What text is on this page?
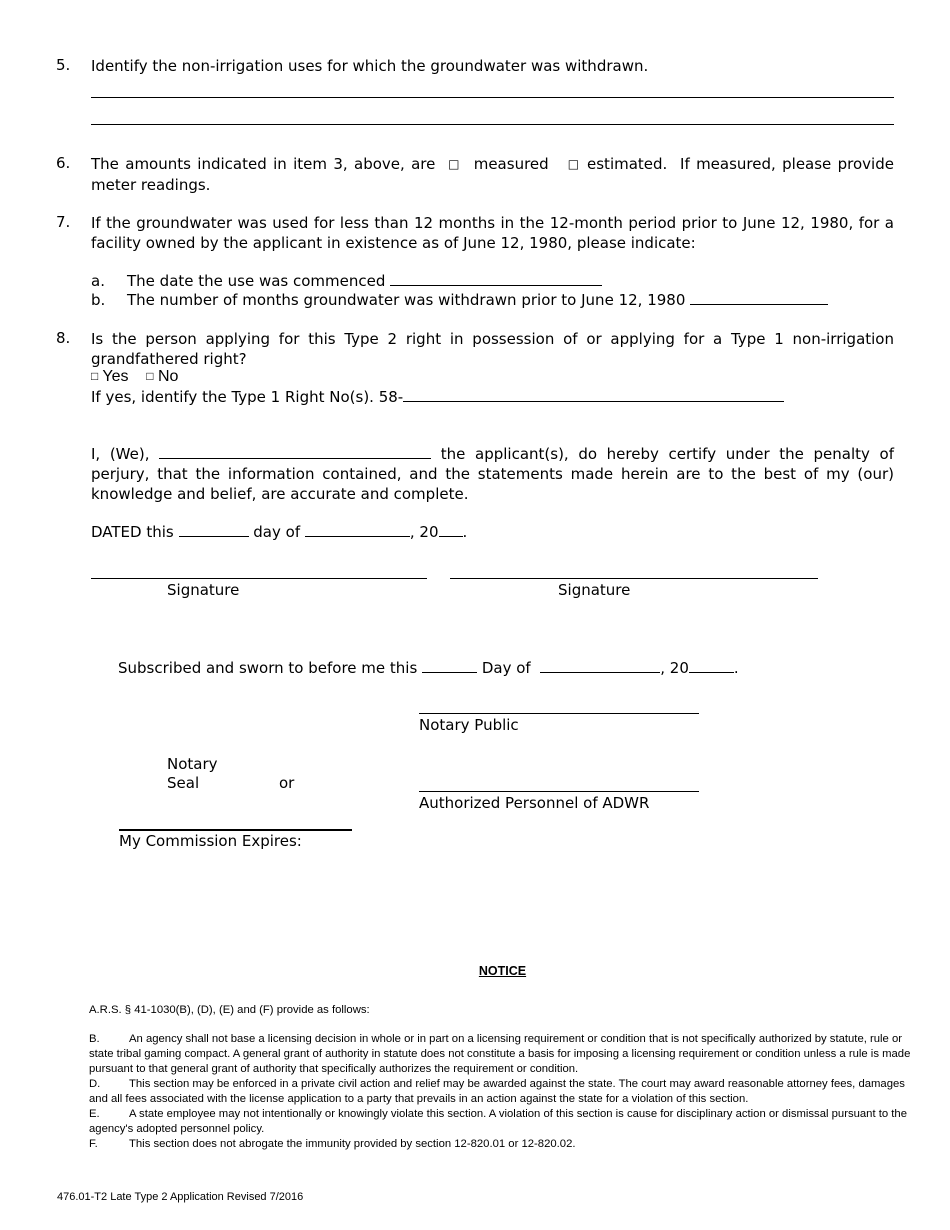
5. Identify the non-irrigation uses for which the groundwater was withdrawn.
6. The amounts indicated in item 3, above, are □ measured □ estimated. If measured, please provide meter readings.
7. If the groundwater was used for less than 12 months in the 12-month period prior to June 12, 1980, for a facility owned by the applicant in existence as of June 12, 1980, please indicate:
a. The date the use was commenced
b. The number of months groundwater was withdrawn prior to June 12, 1980
8. Is the person applying for this Type 2 right in possession of or applying for a Type 1 non-irrigation grandfathered right?
□ Yes □ No
If yes, identify the Type 1 Right No(s). 58-
I, (We),	the applicant(s), do hereby certify under the penalty of perjury, that the information contained, and the statements made herein are to the best of my (our) knowledge and belief, are accurate and complete.
DATED this	day of	, 20 .
Signature	Signature
Subscribed and sworn to before me this	Day of	, 20	.
Notary Public
Notary
Seal	or
Authorized Personnel of ADWR
My Commission Expires:
NOTICE
A.R.S. § 41-1030(B), (D), (E) and (F) provide as follows:
B.	An agency shall not base a licensing decision in whole or in part on a licensing requirement or condition that is not specifically authorized by statute, rule or state tribal gaming compact. A general grant of authority in statute does not constitute a basis for imposing a licensing requirement or condition unless a rule is made pursuant to that general grant of authority that specifically authorizes the requirement or condition.
D.	This section may be enforced in a private civil action and relief may be awarded against the state. The court may award reasonable attorney fees, damages and all fees associated with the license application to a party that prevails in an action against the state for a violation of this section.
E.	A state employee may not intentionally or knowingly violate this section. A violation of this section is cause for disciplinary action or dismissal pursuant to the agency's adopted personnel policy.
F.	This section does not abrogate the immunity provided by section 12-820.01 or 12-820.02.
476.01-T2 Late Type 2 Application Revised 7/2016
